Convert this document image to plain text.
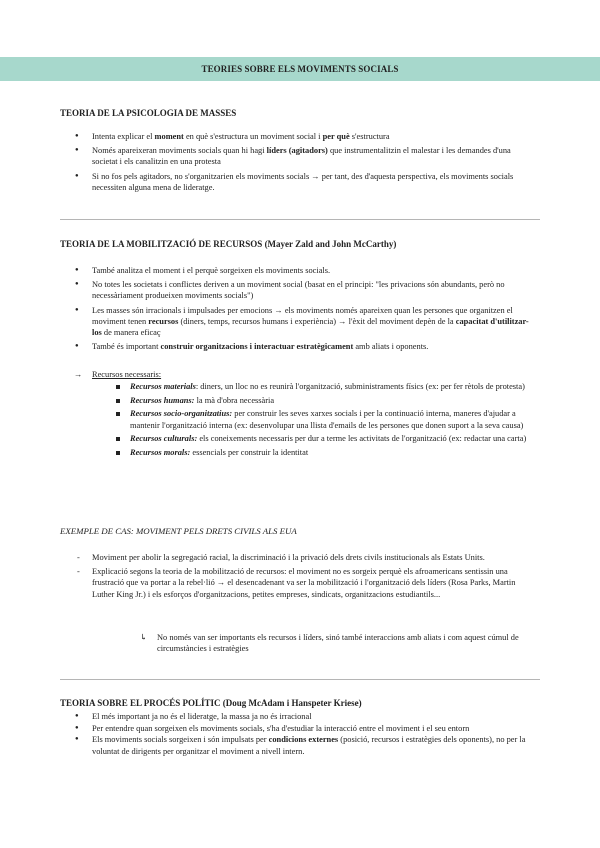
TEORIES SOBRE ELS MOVIMENTS SOCIALS
TEORIA DE LA PSICOLOGIA DE MASSES
● Intenta explicar el moment en què s'estructura un moviment social i per què s'estructura
● Només apareixeran moviments socials quan hi hagi líders (agitadors) que instrumentalitzin el malestar i les demandes d'una societat i els canalitzin en una protesta
● Si no fos pels agitadors, no s'organitzarien els moviments socials → per tant, des d'aquesta perspectiva, els moviments socials necessiten alguna mena de lideratge.
TEORIA DE LA MOBILITZACIÓ DE RECURSOS (Mayer Zald and John McCarthy)
● També analitza el moment i el perquè sorgeixen els moviments socials.
● No totes les societats i conflictes deriven a un moviment social (basat en el principi: "les privacions són abundants, però no necessàriament produeixen moviments socials")
● Les masses són irracionals i impulsades per emocions → els moviments només apareixen quan les persones que organitzen el moviment tenen recursos (diners, temps, recursos humans i experiència) → l'èxit del moviment depèn de la capacitat d'utilitzar-los de manera eficaç
● També és important construir organitzacions i interactuar estratègicament amb aliats i oponents.
→ Recursos necessaris:
Recursos materials: diners, un lloc no es reunirà l'organització, subministraments físics (ex: per fer rètols de protesta)
Recursos humans: la mà d'obra necessària
Recursos socio-organitzatius: per construir les seves xarxes socials i per la continuació interna, maneres d'ajudar a mantenir l'organització interna (ex: desenvolupar una llista d'emails de les persones que donen suport a la seva causa)
Recursos culturals: els coneixements necessaris per dur a terme les activitats de l'organització (ex: redactar una carta)
Recursos morals: essencials per construir la identitat
EXEMPLE DE CAS: MOVIMENT PELS DRETS CIVILS ALS EUA
- Moviment per abolir la segregació racial, la discriminació i la privació dels drets civils institucionals als Estats Units.
- Explicació segons la teoria de la mobilització de recursos: el moviment no es sorgeix perquè els afroamericans sentissin una frustració que va portar a la rebel·lió → el desencadenant va ser la mobilització i l'organització dels líders (Rosa Parks, Martin Luther King Jr.) i els esforços d'organitzacions, petites empreses, sindicats, organitzacions estudiantils...
↳ No només van ser importants els recursos i líders, sinó també interaccions amb aliats i com aquest cúmul de circumstàncies i estratègies
TEORIA SOBRE EL PROCÉS POLÍTIC (Doug McAdam i Hanspeter Kriese)
● El més important ja no és el lideratge, la massa ja no és irracional
● Per entendre quan sorgeixen els moviments socials, s'ha d'estudiar la interacció entre el moviment i el seu entorn
● Els moviments socials sorgeixen i són impulsats per condicions externes (posició, recursos i estratègies dels oponents), no per la voluntat de dirigents per organitzar el moviment a nivell intern.
